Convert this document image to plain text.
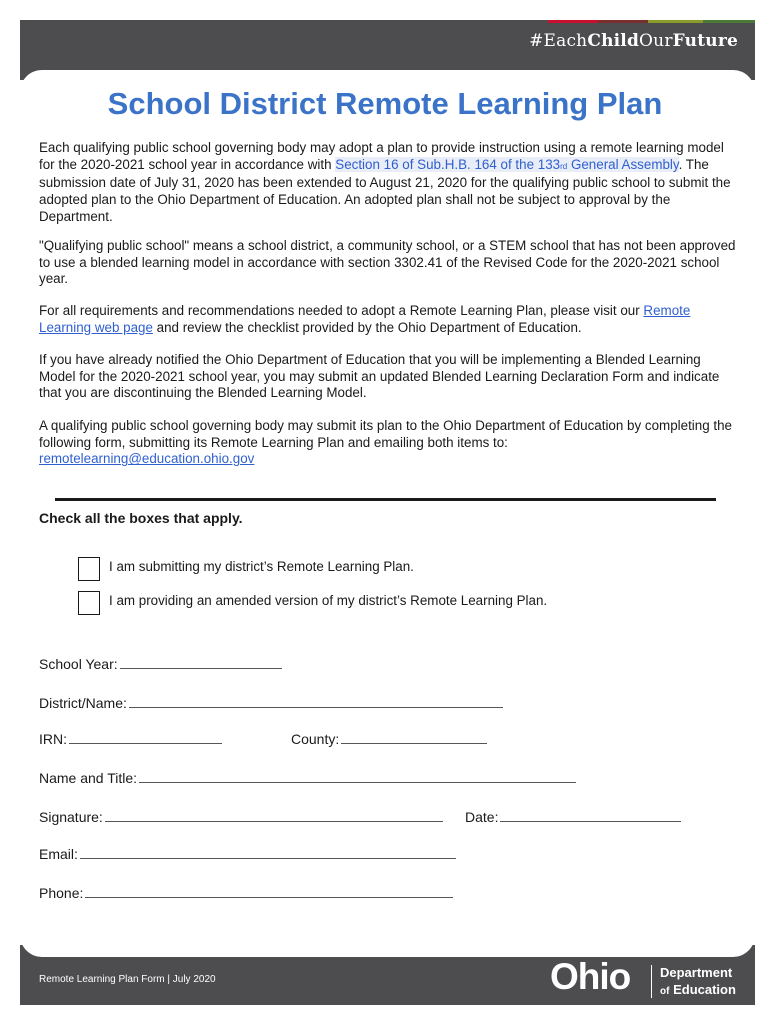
#EachChildOurFuture
School District Remote Learning Plan

Each qualifying public school governing body may adopt a plan to provide instruction using a remote learning model for the 2020-2021 school year in accordance with Section 16 of Sub.H.B. 164 of the 133rd General Assembly. The submission date of July 31, 2020 has been extended to August 21, 2020 for the qualifying public school to submit the adopted plan to the Ohio Department of Education. An adopted plan shall not be subject to approval by the Department.

"Qualifying public school" means a school district, a community school, or a STEM school that has not been approved to use a blended learning model in accordance with section 3302.41 of the Revised Code for the 2020-2021 school year.

For all requirements and recommendations needed to adopt a Remote Learning Plan, please visit our Remote Learning web page and review the checklist provided by the Ohio Department of Education.

If you have already notified the Ohio Department of Education that you will be implementing a Blended Learning Model for the 2020-2021 school year, you may submit an updated Blended Learning Declaration Form and indicate that you are discontinuing the Blended Learning Model.

A qualifying public school governing body may submit its plan to the Ohio Department of Education by completing the following form, submitting its Remote Learning Plan and emailing both items to:
remotelearning@education.ohio.gov

Check all the boxes that apply.
I am submitting my district’s Remote Learning Plan.
I am providing an amended version of my district’s Remote Learning Plan.
School Year:
District/Name:
IRN:	County:
Name and Title:
Signature:	Date:
Email:
Phone:
Remote Learning Plan Form | July 2020	Ohio Department
of Education
